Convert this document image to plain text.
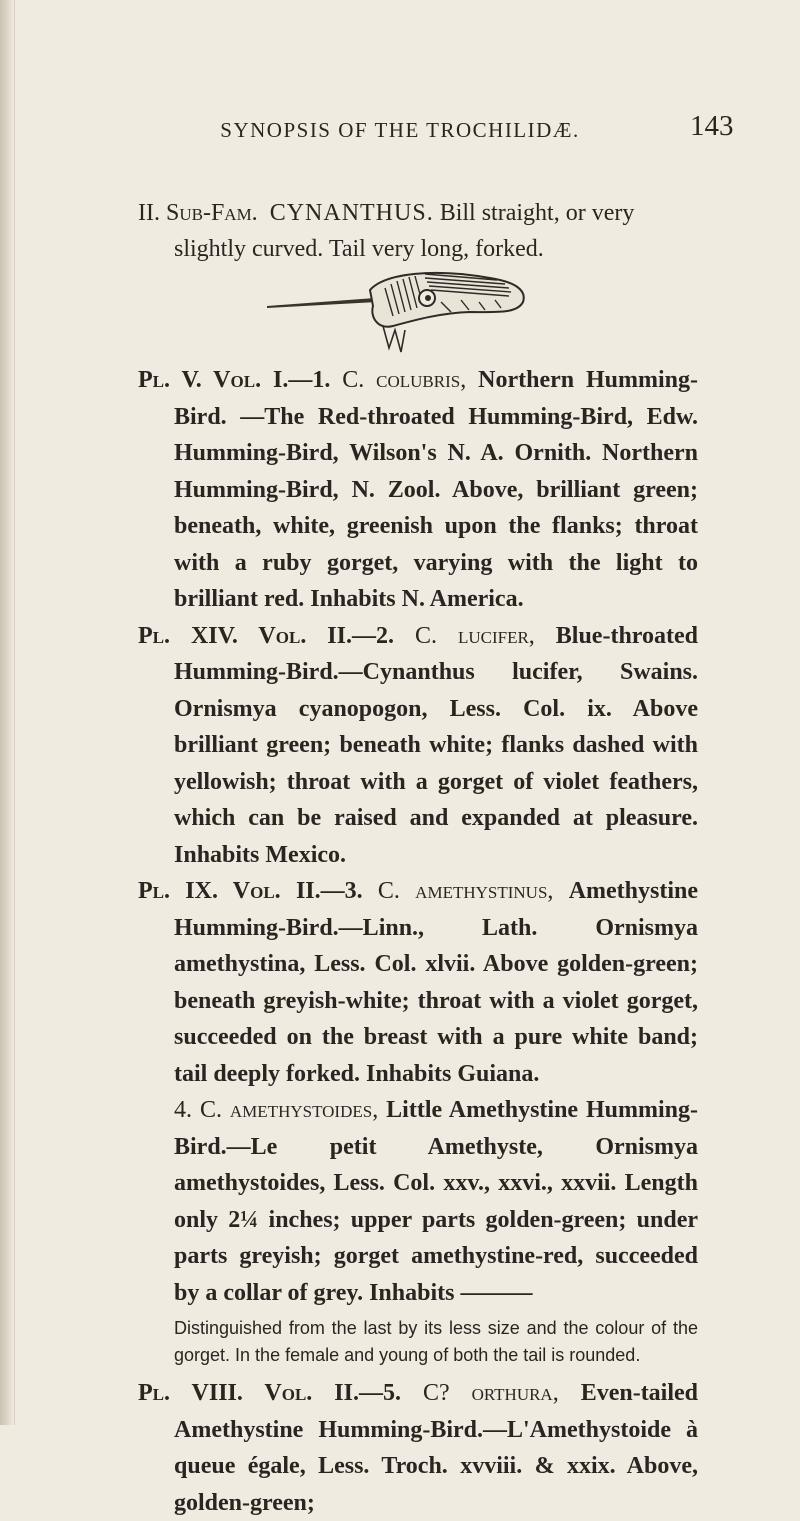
SYNOPSIS OF THE TROCHILIDÆ.	143
II. Sub-Fam. CYNANTHUS. Bill straight, or very
slightly curved. Tail very long, forked.

Pl. V. Vol. I.—1. C. colubris, Northern Humming-Bird. —The Red-throated Humming-Bird, Edw. Humming-Bird, Wilson's N. A. Ornith. Northern Humming-Bird, N. Zool. Above, brilliant green; beneath, white, greenish upon the flanks; throat with a ruby gorget, varying with the light to brilliant red. Inhabits N. America.

Pl. XIV. Vol. II.—2. C. lucifer, Blue-throated Humming-Bird.—Cynanthus lucifer, Swains. Ornismya cyanopogon, Less. Col. ix. Above brilliant green; beneath white; flanks dashed with yellowish; throat with a gorget of violet feathers, which can be raised and expanded at pleasure. Inhabits Mexico.

Pl. IX. Vol. II.—3. C. amethystinus, Amethystine Humming-Bird.—Linn., Lath. Ornismya amethystina, Less. Col. xlvii. Above golden-green; beneath greyish-white; throat with a violet gorget, succeeded on the breast with a pure white band; tail deeply forked. Inhabits Guiana.

4. C. amethystoides, Little Amethystine Humming-Bird.—Le petit Amethyste, Ornismya amethystoides, Less. Col. xxv., xxvi., xxvii. Length only 2¼ inches; upper parts golden-green; under parts greyish; gorget amethystine-red, succeeded by a collar of grey. Inhabits ———

Distinguished from the last by its less size and the colour of the gorget. In the female and young of both the tail is rounded.

Pl. VIII. Vol. II.—5. C? orthura, Even-tailed Amethystine Humming-Bird.—L'Amethystoide à queue égale, Less. Troch. xvviii. & xxix. Above, golden-green;
